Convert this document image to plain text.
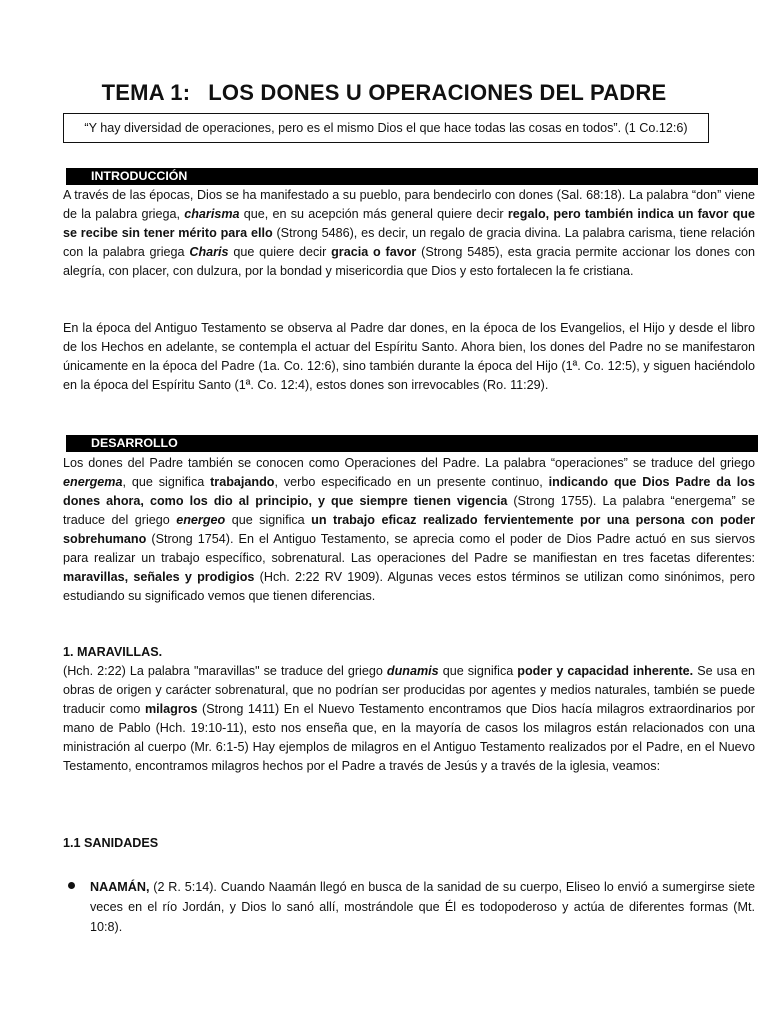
TEMA 1: LOS DONES U OPERACIONES DEL PADRE
“Y hay diversidad de operaciones, pero es el mismo Dios el que hace todas las cosas en todos”. (1 Co.12:6)
INTRODUCCIÓN

A través de las épocas, Dios se ha manifestado a su pueblo, para bendecirlo con dones (Sal. 68:18). La palabra “don” viene de la palabra griega, charisma que, en su acepción más general quiere decir regalo, pero también indica un favor que se recibe sin tener mérito para ello (Strong 5486), es decir, un regalo de gracia divina. La palabra carisma, tiene relación con la palabra griega Charis que quiere decir gracia o favor (Strong 5485), esta gracia permite accionar los dones con alegría, con placer, con dulzura, por la bondad y misericordia que Dios y esto fortalecen la fe cristiana.

En la época del Antiguo Testamento se observa al Padre dar dones, en la época de los Evangelios, el Hijo y desde el libro de los Hechos en adelante, se contempla el actuar del Espíritu Santo. Ahora bien, los dones del Padre no se manifestaron únicamente en la época del Padre (1a. Co. 12:6), sino también durante la época del Hijo (1ª. Co. 12:5), y siguen haciéndolo en la época del Espíritu Santo (1ª. Co. 12:4), estos dones son irrevocables (Ro. 11:29).

DESARROLLO

Los dones del Padre también se conocen como Operaciones del Padre. La palabra “operaciones” se traduce del griego energema, que significa trabajando, verbo especificado en un presente continuo, indicando que Dios Padre da los dones ahora, como los dio al principio, y que siempre tienen vigencia (Strong 1755). La palabra “energema” se traduce del griego energeo que significa un trabajo eficaz realizado fervientemente por una persona con poder sobrehumano (Strong 1754). En el Antiguo Testamento, se aprecia como el poder de Dios Padre actuó en sus siervos para realizar un trabajo específico, sobrenatural. Las operaciones del Padre se manifiestan en tres facetas diferentes: maravillas, señales y prodigios (Hch. 2:22 RV 1909). Algunas veces estos términos se utilizan como sinónimos, pero estudiando su significado vemos que tienen diferencias.

1. MARAVILLAS.

(Hch. 2:22) La palabra "maravillas" se traduce del griego dunamis que significa poder y capacidad inherente. Se usa en obras de origen y carácter sobrenatural, que no podrían ser producidas por agentes y medios naturales, también se puede traducir como milagros (Strong 1411) En el Nuevo Testamento encontramos que Dios hacía milagros extraordinarios por mano de Pablo (Hch. 19:10-11), esto nos enseña que, en la mayoría de casos los milagros están relacionados con una ministración al cuerpo (Mr. 6:1-5) Hay ejemplos de milagros en el Antiguo Testamento realizados por el Padre, en el Nuevo Testamento, encontramos milagros hechos por el Padre a través de Jesús y a través de la iglesia, veamos:

1.1 SANIDADES

NAAMÁN, (2 R. 5:14). Cuando Naamán llegó en busca de la sanidad de su cuerpo, Eliseo lo envió a sumergirse siete veces en el río Jordán, y Dios lo sanó allí, mostrándole que Él es todopoderoso y actúa de diferentes formas (Mt. 10:8).
